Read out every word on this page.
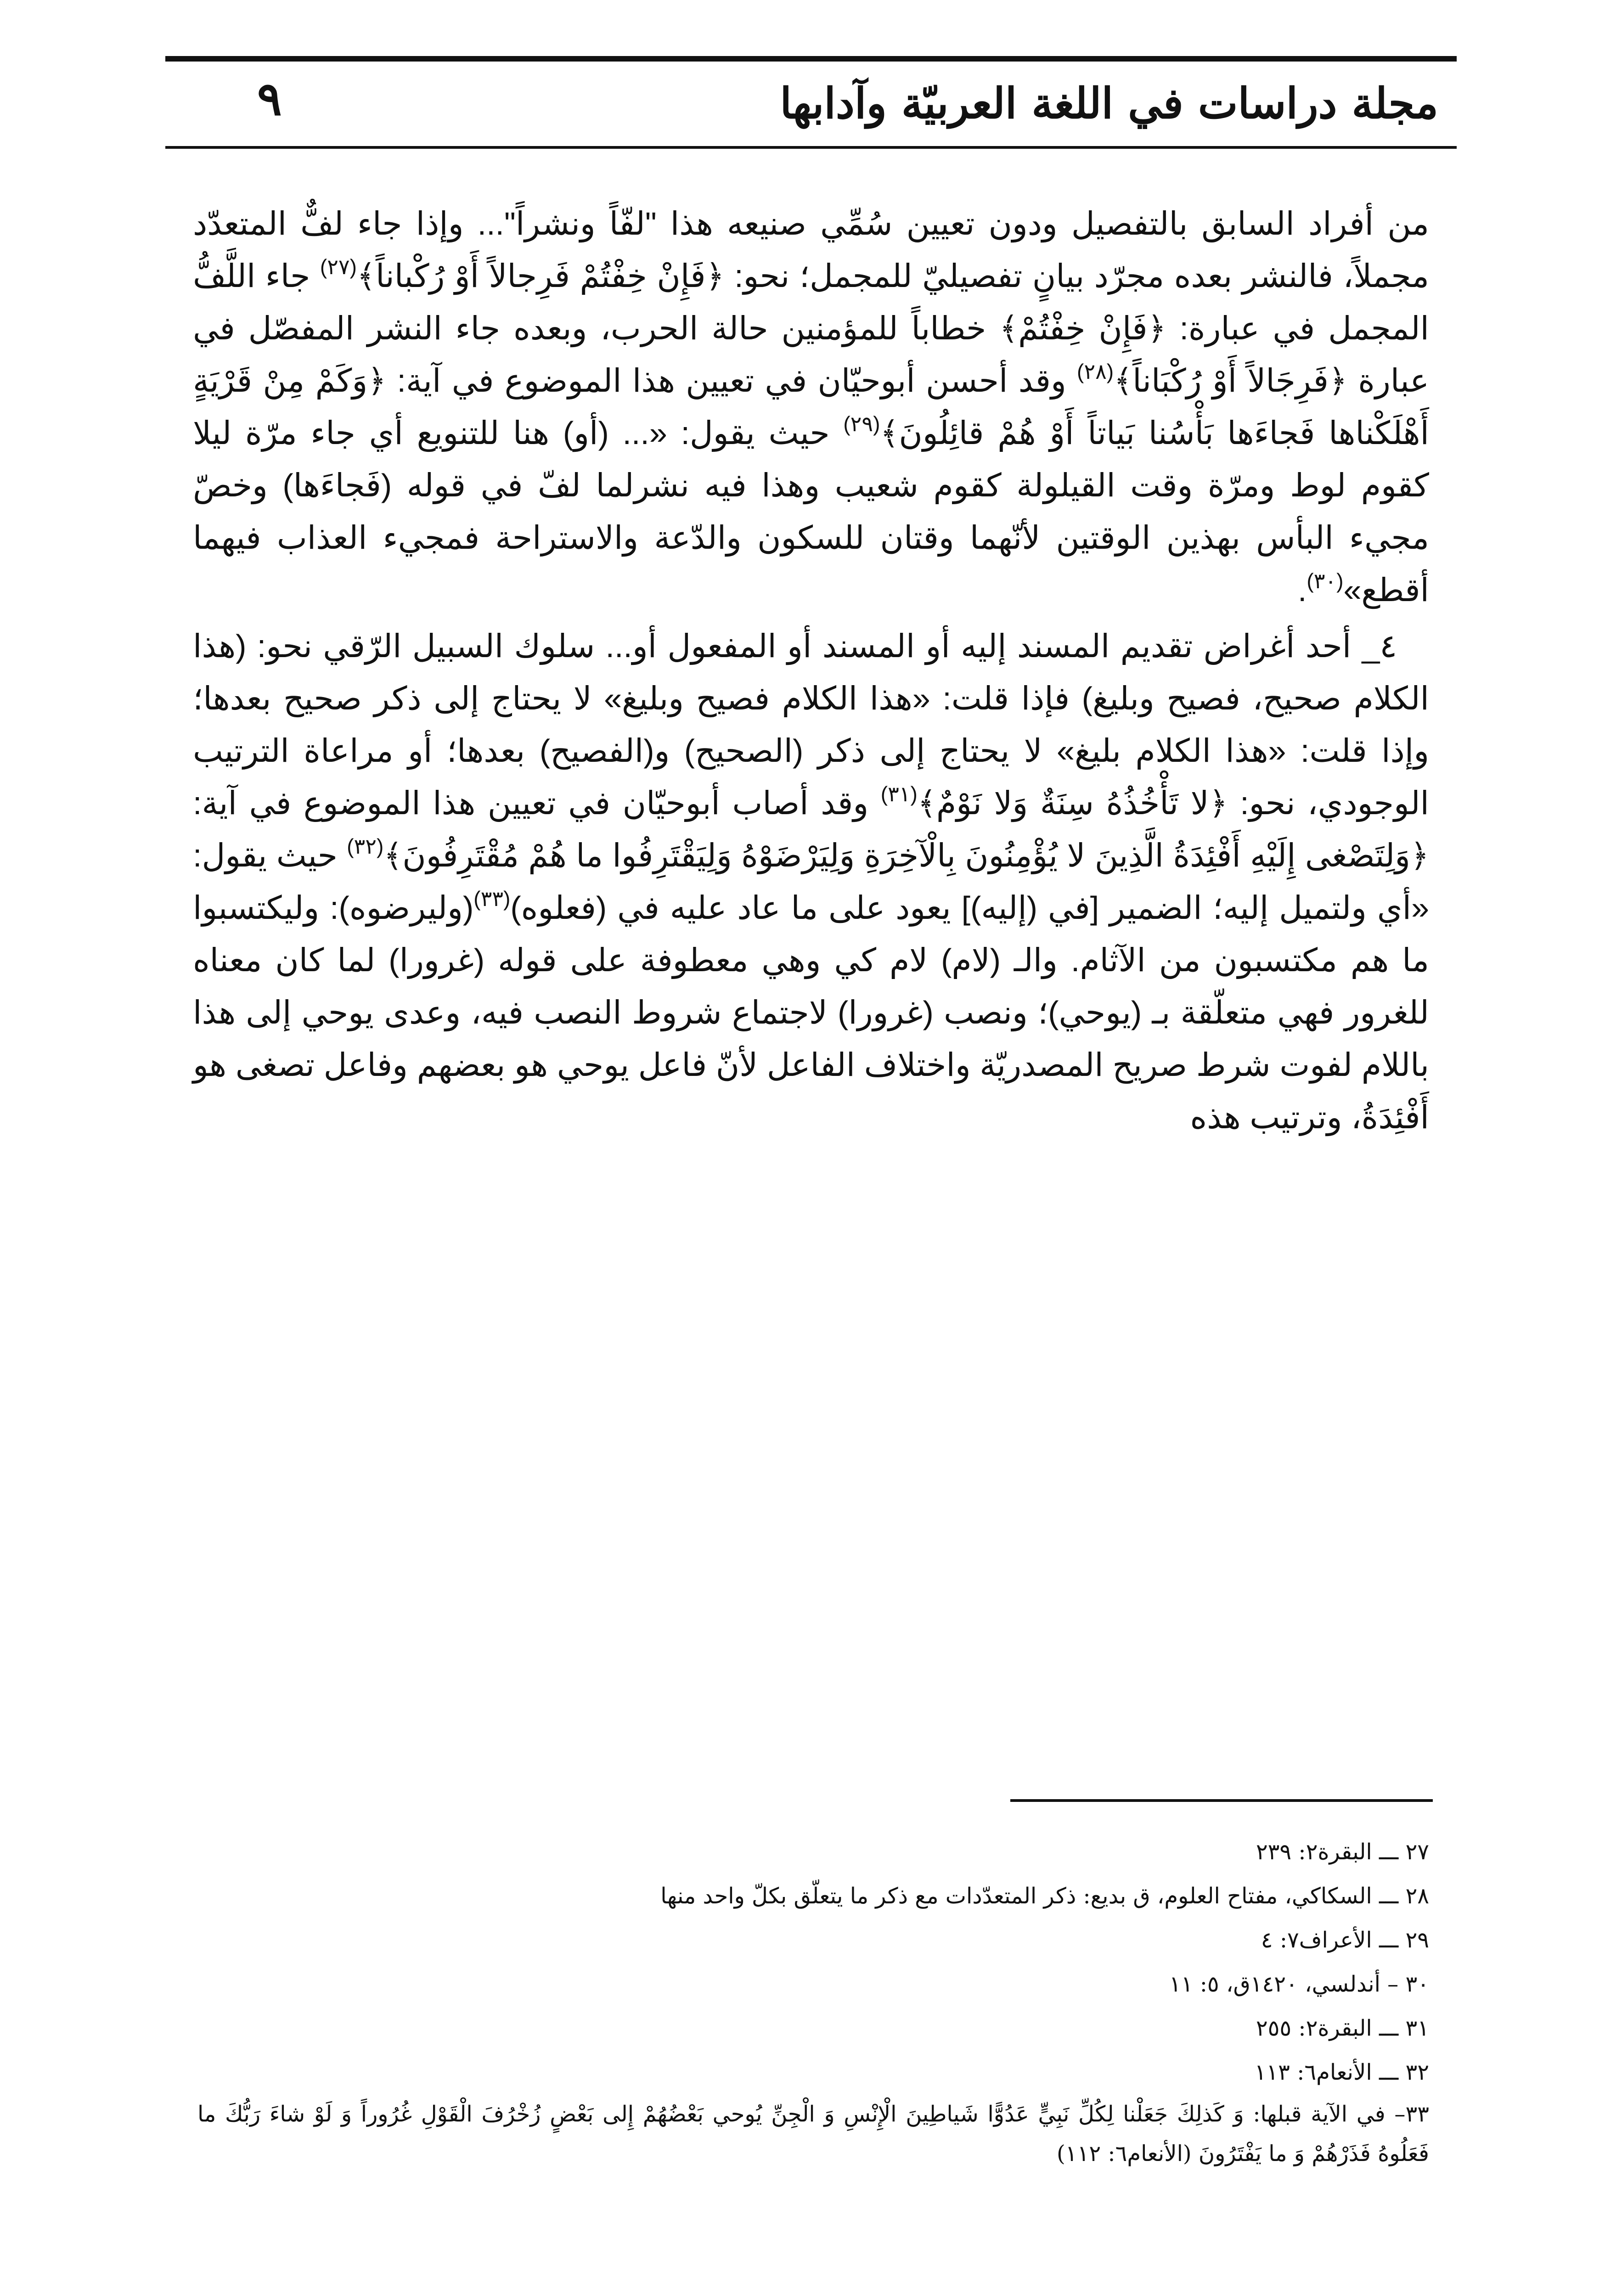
مجلة دراسات في اللغة العربيّة وآدابها
٩

من أفراد السابق بالتفصيل ودون تعيين سُمِّي صنيعه هذا "لفّاً ونشراً"... وإذا جاء لفٌّ المتعدّد مجملاً، فالنشر بعده مجرّد بيانٍ تفصيليّ للمجمل؛ نحو: ﴿فَإِنْ خِفْتُمْ فَرِجالاً أَوْ رُكْباناً﴾$^{(٢٧)}$ جاء اللَّفُّ المجمل في عبارة: ﴿فَإِنْ خِفْتُمْ﴾ خطاباً للمؤمنين حالة الحرب، وبعده جاء النشر المفصّل في عبارة ﴿فَرِجَالاً أَوْ رُكْبَاناً﴾$^{(٢٨)}$ وقد أحسن أبوحيّان في تعيين هذا الموضوع في آية: ﴿وَكَمْ مِنْ قَرْيَةٍ أَهْلَكْناها فَجاءَها بَأْسُنا بَياتاً أَوْ هُمْ قائِلُونَ﴾$^{(٢٩)}$ حيث يقول: «... (أو) هنا للتنويع أي جاء مرّة ليلا كقوم لوط ومرّة وقت القيلولة كقوم شعيب وهذا فيه نشرلما لفّ في قوله (فَجاءَها) وخصّ مجيء البأس بهذين الوقتين لأنّهما وقتان للسكون والدّعة والاستراحة فمجيء العذاب فيهما أقطع»$^{(٣٠)}$.

٤_ أحد أغراض تقديم المسند إليه أو المسند أو المفعول أو... سلوك السبيل الرّقي نحو: (هذا الكلام صحيح، فصيح وبليغ) فإذا قلت: «هذا الكلام فصيح وبليغ» لا يحتاج إلى ذكر صحيح بعدها؛ وإذا قلت: «هذا الكلام بليغ» لا يحتاج إلى ذكر (الصحيح) و(الفصيح) بعدها؛ أو مراعاة الترتيب الوجودي، نحو: ﴿لا تَأْخُذُهُ سِنَةٌ وَلا نَوْمٌ﴾$^{(٣١)}$ وقد أصاب أبوحيّان في تعيين هذا الموضوع في آية: ﴿وَلِتَصْغى إِلَيْهِ أَفْئِدَةُ الَّذِينَ لا يُؤْمِنُونَ بِالْآخِرَةِ وَلِيَرْضَوْهُ وَلِيَقْتَرِفُوا ما هُمْ مُقْتَرِفُونَ﴾$^{(٣٢)}$ حيث يقول: «أي ولتميل إليه؛ الضمير [في (إليه)] يعود على ما عاد عليه في (فعلوه)$^{(٣٣)}$(وليرضوه): وليكتسبوا ما هم مكتسبون من الآثام. والـ (لام) لام كي وهي معطوفة على قوله (غرورا) لما كان معناه للغرور فهي متعلّقة بـ (يوحي)؛ ونصب (غرورا) لاجتماع شروط النصب فيه، وعدى يوحي إلى هذا باللام لفوت شرط صريح المصدريّة واختلاف الفاعل لأنّ فاعل يوحي هو بعضهم وفاعل تصغى هو أَفْئِدَةُ، وترتيب هذه

٢٧ ـــ البقرة٢: ٢٣٩

٢٨ ـــ السكاكي، مفتاح العلوم، ق بديع: ذكر المتعدّدات مع ذكر ما يتعلّق بكلّ واحد منها

٢٩ ـــ الأعراف٧: ٤

٣٠ – أندلسي، ١٤٢٠ق، ٥: ١١

٣١ ـــ البقرة٢: ٢٥٥

٣٢ ـــ الأنعام٦: ١١٣

٣٣– في الآية قبلها: وَ كَذلِكَ جَعَلْنا لِكُلِّ نَبِيٍّ عَدُوًّا شَياطِينَ الْإِنْسِ وَ الْجِنِّ يُوحي بَعْضُهُمْ إِلى بَعْضٍ زُخْرُفَ الْقَوْلِ غُرُوراً وَ لَوْ شاءَ رَبُّكَ ما فَعَلُوهُ فَذَرْهُمْ وَ ما يَفْتَرُونَ (الأنعام٦: ١١٢)
